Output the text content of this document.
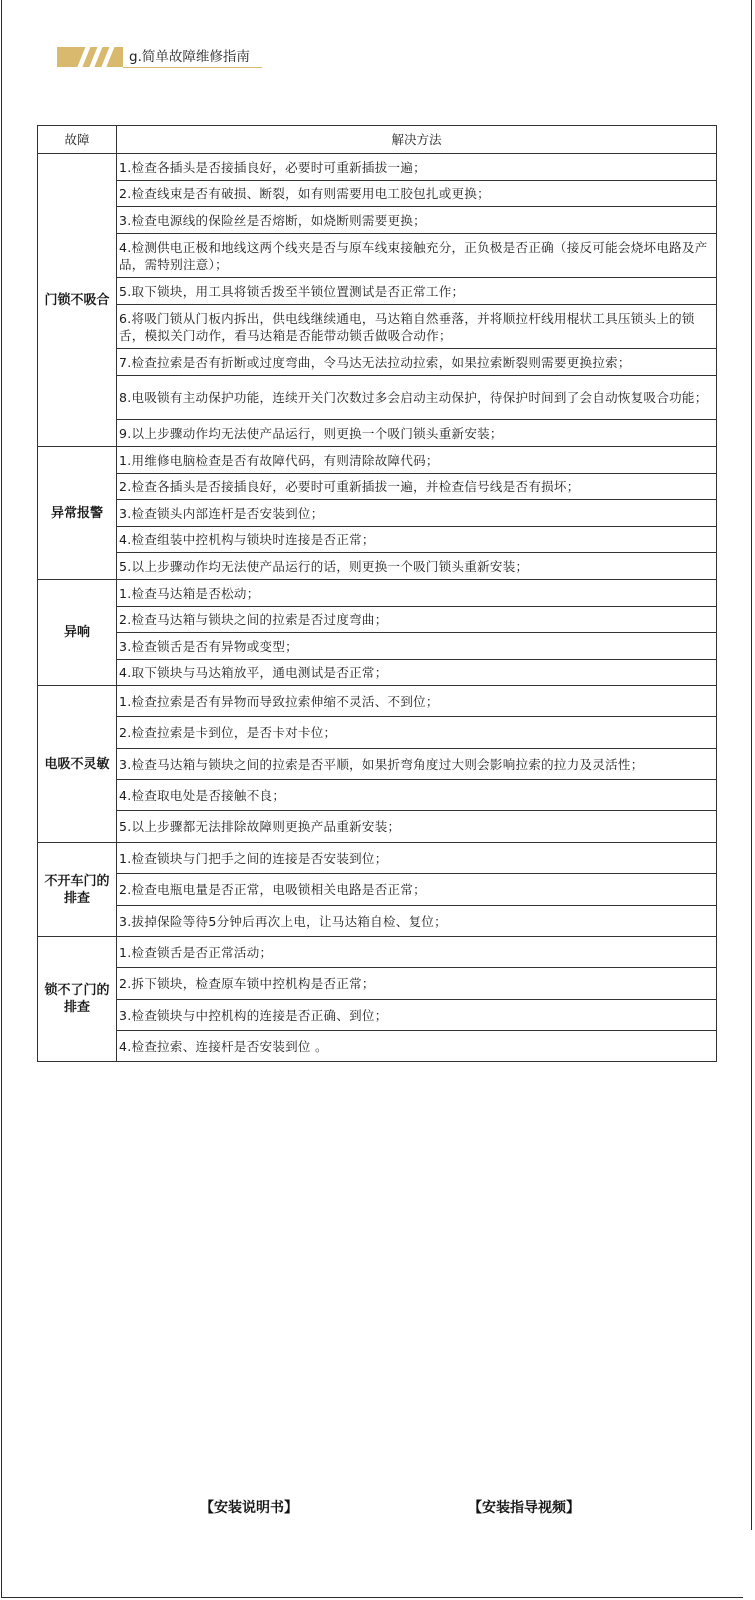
g.简单故障维修指南
故障	解决方法
门锁不吸合	1.检查各插头是否接插良好，必要时可重新插拔一遍；
	2.检查线束是否有破损、断裂，如有则需要用电工胶包扎或更换；
	3.检查电源线的保险丝是否熔断，如烧断则需要更换；
	4.检测供电正极和地线这两个线夹是否与原车线束接触充分，正负极是否正确（接反可能会烧坏电路及产品，需特别注意）；
	5.取下锁块，用工具将锁舌拨至半锁位置测试是否正常工作；
	6.将吸门锁从门板内拆出，供电线继续通电，马达箱自然垂落，并将顺拉杆线用棍状工具压锁头上的锁舌，模拟关门动作，看马达箱是否能带动锁舌做吸合动作；
	7.检查拉索是否有折断或过度弯曲，令马达无法拉动拉索，如果拉索断裂则需要更换拉索；
	8.电吸锁有主动保护功能，连续开关门次数过多会启动主动保护，待保护时间到了会自动恢复吸合功能；
	9.以上步骤动作均无法使产品运行，则更换一个吸门锁头重新安装；
异常报警	1.用维修电脑检查是否有故障代码，有则清除故障代码；
	2.检查各插头是否接插良好，必要时可重新插拔一遍，并检查信号线是否有损坏；
	3.检查锁头内部连杆是否安装到位；
	4.检查组装中控机构与锁块时连接是否正常；
	5.以上步骤动作均无法使产品运行的话，则更换一个吸门锁头重新安装；
异响	1.检查马达箱是否松动；
	2.检查马达箱与锁块之间的拉索是否过度弯曲；
	3.检查锁舌是否有异物或变型；
	4.取下锁块与马达箱放平，通电测试是否正常；
电吸不灵敏	1.检查拉索是否有异物而导致拉索伸缩不灵活、不到位；
	2.检查拉索是卡到位，是否卡对卡位；
	3.检查马达箱与锁块之间的拉索是否平顺，如果折弯角度过大则会影响拉索的拉力及灵活性；
	4.检查取电处是否接触不良；
	5.以上步骤都无法排除故障则更换产品重新安装；
不开车门的排查	1.检查锁块与门把手之间的连接是否安装到位；
	2.检查电瓶电量是否正常，电吸锁相关电路是否正常；
	3.拔掉保险等待5分钟后再次上电，让马达箱自检、复位；
锁不了门的排查	1.检查锁舌是否正常活动；
	2.拆下锁块，检查原车锁中控机构是否正常；
	3.检查锁块与中控机构的连接是否正确、到位；
	4.检查拉索、连接杆是否安装到位 。
【安装说明书】	【安装指导视频】
